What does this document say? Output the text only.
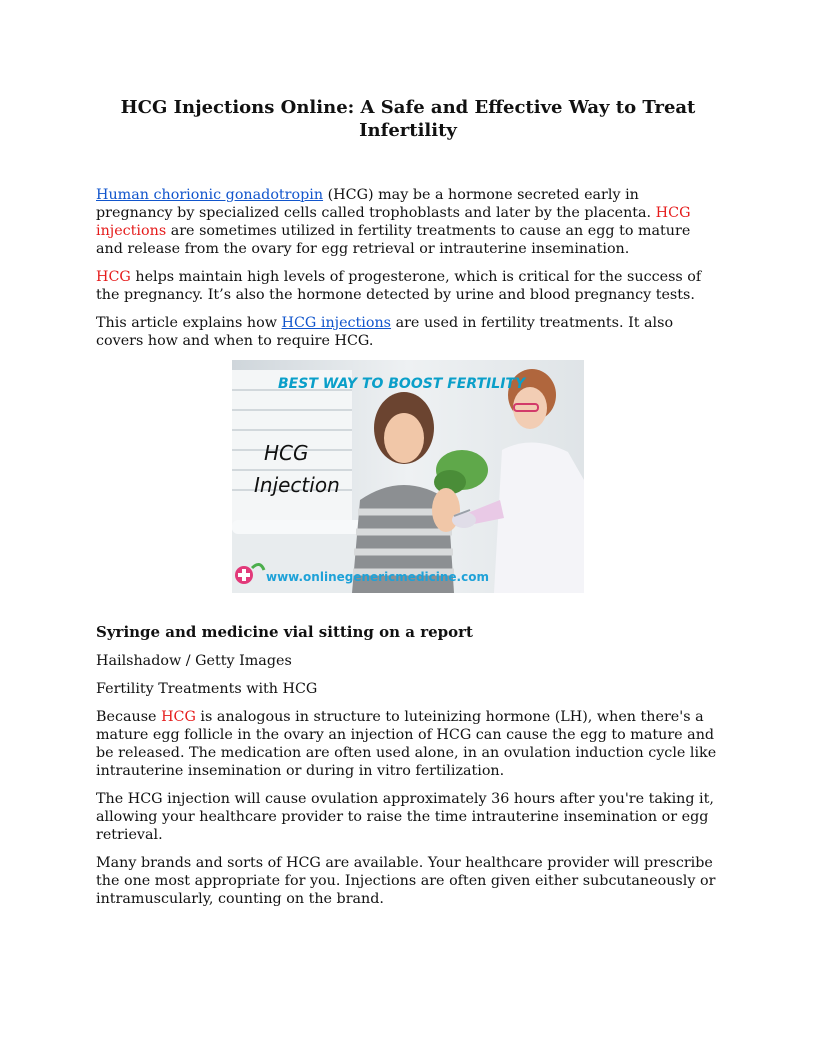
HCG Injections Online: A Safe and Effective Way to Treat Infertility

Human chorionic gonadotropin (HCG) may be a hormone secreted early in pregnancy by specialized cells called trophoblasts and later by the placenta. HCG injections are sometimes utilized in fertility treatments to cause an egg to mature and release from the ovary for egg retrieval or intrauterine insemination.

HCG helps maintain high levels of progesterone, which is critical for the success of the pregnancy. It’s also the hormone detected by urine and blood pregnancy tests.

This article explains how HCG injections are used in fertility treatments. It also covers how and when to require HCG.

BEST WAY TO BOOST FERTILITY
HCG
Injection
www.onlinegenericmedicine.com
Syringe and medicine vial sitting on a report

Hailshadow / Getty Images

Fertility Treatments with HCG

Because HCG is analogous in structure to luteinizing hormone (LH), when there's a mature egg follicle in the ovary an injection of HCG can cause the egg to mature and be released. The medication are often used alone, in an ovulation induction cycle like intrauterine insemination or during in vitro fertilization.

The HCG injection will cause ovulation approximately 36 hours after you're taking it, allowing your healthcare provider to raise the time intrauterine insemination or egg retrieval.

Many brands and sorts of HCG are available. Your healthcare provider will prescribe the one most appropriate for you. Injections are often given either subcutaneously or intramuscularly, counting on the brand.
